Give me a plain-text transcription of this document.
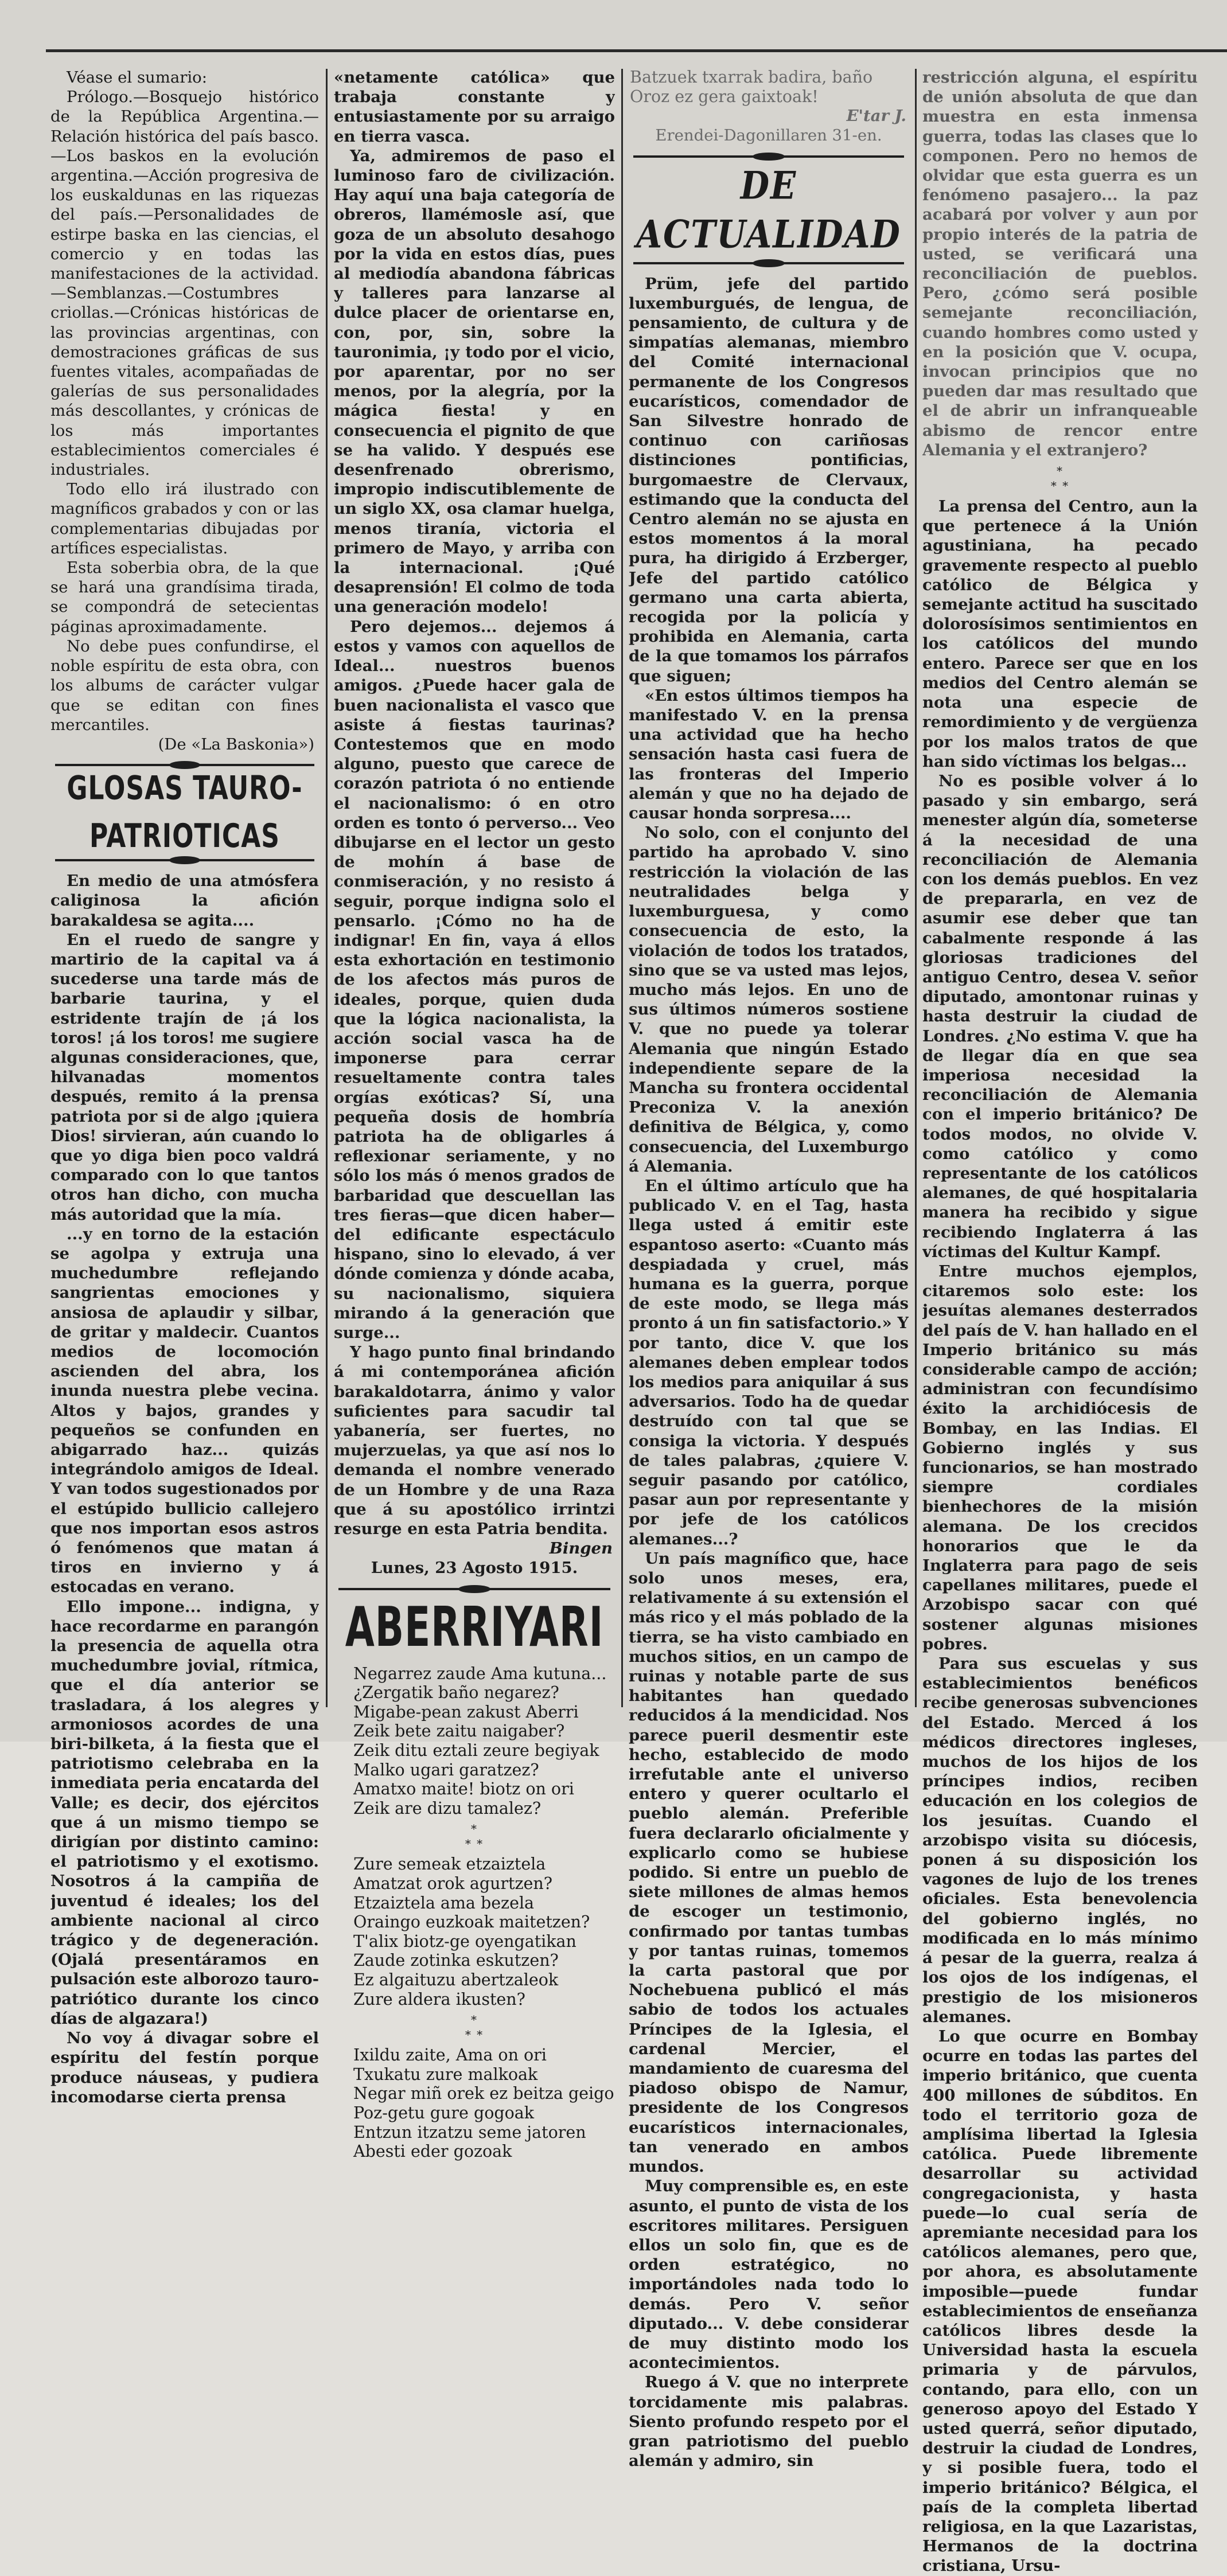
Véase el sumario:

Prólogo.—Bosquejo histórico de la República Argentina.—Relación histórica del país basco.—Los baskos en la evolución argentina.—Acción progresiva de los euskaldunas en las riquezas del país.—Personalidades de estirpe baska en las ciencias, el comercio y en todas las manifestaciones de la actividad.—Semblanzas.—Costumbres criollas.—Crónicas históricas de las provincias argentinas, con demostraciones gráficas de sus fuentes vitales, acompañadas de galerías de sus personalidades más descollantes, y crónicas de los más importantes establecimientos comerciales é industriales.

Todo ello irá ilustrado con magníficos grabados y con or las complementarias dibujadas por artífices especialistas.

Esta soberbia obra, de la que se hará una grandísima tirada, se compondrá de setecientas páginas aproximadamente.

No debe pues confundirse, el noble espíritu de esta obra, con los albums de carácter vulgar que se editan con fines mercantiles.

(De «La Baskonia»)

GLOSAS TAURO-PATRIOTICAS

En medio de una atmósfera caliginosa la afición barakaldesa se agita....

En el ruedo de sangre y martirio de la capital va á sucederse una tarde más de barbarie taurina, y el estridente trajín de ¡á los toros! ¡á los toros! me sugiere algunas consideraciones, que, hilvanadas momentos después, remito á la prensa patriota por si de algo ¡quiera Dios! sirvieran, aún cuando lo que yo diga bien poco valdrá comparado con lo que tantos otros han dicho, con mucha más autoridad que la mía.

...y en torno de la estación se agolpa y extruja una muchedumbre reflejando sangrientas emociones y ansiosa de aplaudir y silbar, de gritar y maldecir. Cuantos medios de locomoción ascienden del abra, los inunda nuestra plebe vecina. Altos y bajos, grandes y pequeños se confunden en abigarrado haz... quizás integrándolo amigos de Ideal. Y van todos sugestionados por el estúpido bullicio callejero que nos importan esos astros ó fenómenos que matan á tiros en invierno y á estocadas en verano.

Ello impone... indigna, y hace recordarme en parangón la presencia de aquella otra muchedumbre jovial, rítmica, que el día anterior se trasladara, á los alegres y armoniosos acordes de una biri-bilketa, á la fiesta que el patriotismo celebraba en la inmediata peria encatarda del Valle; es decir, dos ejércitos que á un mismo tiempo se dirigían por distinto camino: el patriotismo y el exotismo. Nosotros á la campiña de juventud é ideales; los del ambiente nacional al circo trágico y de degeneración. (Ojalá presentáramos en pulsación este alborozo tauro-patriótico durante los cinco días de algazara!)

No voy á divagar sobre el espíritu del festín porque produce náuseas, y pudiera incomodarse cierta prensa

«netamente católica» que trabaja constante y entusiastamente por su arraigo en tierra vasca.

Ya, admiremos de paso el luminoso faro de civilización. Hay aquí una baja categoría de obreros, llamémosle así, que goza de un absoluto desahogo por la vida en estos días, pues al mediodía abandona fábricas y talleres para lanzarse al dulce placer de orientarse en, con, por, sin, sobre la tauronimia, ¡y todo por el vicio, por aparentar, por no ser menos, por la alegría, por la mágica fiesta! y en consecuencia el pignito de que se ha valido. Y después ese desenfrenado obrerismo, impropio indiscutiblemente de un siglo XX, osa clamar huelga, menos tiranía, victoria el primero de Mayo, y arriba con la internacional. ¡Qué desaprensión! El colmo de toda una generación modelo!

Pero dejemos... dejemos á estos y vamos con aquellos de Ideal... nuestros buenos amigos. ¿Puede hacer gala de buen nacionalista el vasco que asiste á fiestas taurinas? Contestemos que en modo alguno, puesto que carece de corazón patriota ó no entiende el nacionalismo: ó en otro orden es tonto ó perverso... Veo dibujarse en el lector un gesto de mohín á base de conmiseración, y no resisto á seguir, porque indigna solo el pensarlo. ¡Cómo no ha de indignar! En fin, vaya á ellos esta exhortación en testimonio de los afectos más puros de ideales, porque, quien duda que la lógica nacionalista, la acción social vasca ha de imponerse para cerrar resueltamente contra tales orgías exóticas? Sí, una pequeña dosis de hombría patriota ha de obligarles á reflexionar seriamente, y no sólo los más ó menos grados de barbaridad que descuellan las tres fieras—que dicen haber—del edificante espectáculo hispano, sino lo elevado, á ver dónde comienza y dónde acaba, su nacionalismo, siquiera mirando á la generación que surge...

Y hago punto final brindando á mi contemporánea afición barakaldotarra, ánimo y valor suficientes para sacudir tal yabanería, ser fuertes, no mujerzuelas, ya que así nos lo demanda el nombre venerado de un Hombre y de una Raza que á su apostólico irrintzi resurge en esta Patria bendita.

Bingen
Lunes, 23 Agosto 1915.
ABERRIYARI
Negarrez zaude Ama kutuna...
¿Zergatik baño negarez?
Migabe-pean zakust Aberri
Zeik bete zaitu naigaber?
Zeik ditu eztali zeure begiyak
Malko ugari garatzez?
Amatxo maite! biotz on ori
Zeik are dizu tamalez?
*
* *
Zure semeak etzaiztela
Amatzat orok agurtzen?
Etzaiztela ama bezela
Oraingo euzkoak maitetzen?
T'alix biotz-ge oyengatikan
Zaude zotinka eskutzen?
Ez algaituzu abertzaleok
Zure aldera ikusten?
*
* *
Ixildu zaite, Ama on ori
Txukatu zure malkoak
Negar miñ orek ez beitza geigo
Poz-getu gure gogoak
Entzun itzatzu seme jatoren
Abesti eder gozoak
Batzuek txarrak badira, baño
Oroz ez gera gaixtoak!
E'tar J.

Erendei-Dagonillaren 31-en.

DE ACTUALIDAD

Prüm, jefe del partido luxemburgués, de lengua, de pensamiento, de cultura y de simpatías alemanas, miembro del Comité internacional permanente de los Congresos eucarísticos, comendador de San Silvestre honrado de continuo con cariñosas distinciones pontificias, burgomaestre de Clervaux, estimando que la conducta del Centro alemán no se ajusta en estos momentos á la moral pura, ha dirigido á Erzberger, Jefe del partido católico germano una carta abierta, recogida por la policía y prohibida en Alemania, carta de la que tomamos los párrafos que siguen;

«En estos últimos tiempos ha manifestado V. en la prensa una actividad que ha hecho sensación hasta casi fuera de las fronteras del Imperio alemán y que no ha dejado de causar honda sorpresa....

No solo, con el conjunto del partido ha aprobado V. sino restricción la violación de las neutralidades belga y luxemburguesa, y como consecuencia de esto, la violación de todos los tratados, sino que se va usted mas lejos, mucho más lejos. En uno de sus últimos números sostiene V. que no puede ya tolerar Alemania que ningún Estado independiente separe de la Mancha su frontera occidental Preconiza V. la anexión definitiva de Bélgica, y, como consecuencia, del Luxemburgo á Alemania.

En el último artículo que ha publicado V. en el Tag, hasta llega usted á emitir este espantoso aserto: «Cuanto más despiadada y cruel, más humana es la guerra, porque de este modo, se llega más pronto á un fin satisfactorio.» Y por tanto, dice V. que los alemanes deben emplear todos los medios para aniquilar á sus adversarios. Todo ha de quedar destruído con tal que se consiga la victoria. Y después de tales palabras, ¿quiere V. seguir pasando por católico, pasar aun por representante y por jefe de los católicos alemanes...?

Un país magnífico que, hace solo unos meses, era, relativamente á su extensión el más rico y el más poblado de la tierra, se ha visto cambiado en muchos sitios, en un campo de ruinas y notable parte de sus habitantes han quedado reducidos á la mendicidad. Nos parece pueril desmentir este hecho, establecido de modo irrefutable ante el universo entero y querer ocultarlo el pueblo alemán. Preferible fuera declararlo oficialmente y explicarlo como se hubiese podido. Si entre un pueblo de siete millones de almas hemos de escoger un testimonio, confirmado por tantas tumbas y por tantas ruinas, tomemos la carta pastoral que por Nochebuena publicó el más sabio de todos los actuales Príncipes de la Iglesia, el cardenal Mercier, el mandamiento de cuaresma del piadoso obispo de Namur, presidente de los Congresos eucarísticos internacionales, tan venerado en ambos mundos.

Muy comprensible es, en este asunto, el punto de vista de los escritores militares. Persiguen ellos un solo fin, que es de orden estratégico, no importándoles nada todo lo demás. Pero V. señor diputado... V. debe considerar de muy distinto modo los acontecimientos.

Ruego á V. que no interprete torcidamente mis palabras. Siento profundo respeto por el gran patriotismo del pueblo alemán y admiro, sin

restricción alguna, el espíritu de unión absoluta de que dan muestra en esta inmensa guerra, todas las clases que lo componen. Pero no hemos de olvidar que esta guerra es un fenómeno pasajero... la paz acabará por volver y aun por propio interés de la patria de usted, se verificará una reconciliación de pueblos. Pero, ¿cómo será posible semejante reconciliación, cuando hombres como usted y en la posición que V. ocupa, invocan principios que no pueden dar mas resultado que el de abrir un infranqueable abismo de rencor entre Alemania y el extranjero?

*
* *

La prensa del Centro, aun la que pertenece á la Unión agustiniana, ha pecado gravemente respecto al pueblo católico de Bélgica y semejante actitud ha suscitado dolorosísimos sentimientos en los católicos del mundo entero. Parece ser que en los medios del Centro alemán se nota una especie de remordimiento y de vergüenza por los malos tratos de que han sido víctimas los belgas...

No es posible volver á lo pasado y sin embargo, será menester algún día, someterse á la necesidad de una reconciliación de Alemania con los demás pueblos. En vez de prepararla, en vez de asumir ese deber que tan cabalmente responde á las gloriosas tradiciones del antiguo Centro, desea V. señor diputado, amontonar ruinas y hasta destruir la ciudad de Londres. ¿No estima V. que ha de llegar día en que sea imperiosa necesidad la reconciliación de Alemania con el imperio británico? De todos modos, no olvide V. como católico y como representante de los católicos alemanes, de qué hospitalaria manera ha recibido y sigue recibiendo Inglaterra á las víctimas del Kultur Kampf.

Entre muchos ejemplos, citaremos solo este: los jesuítas alemanes desterrados del país de V. han hallado en el Imperio británico su más considerable campo de acción; administran con fecundísimo éxito la archidiócesis de Bombay, en las Indias. El Gobierno inglés y sus funcionarios, se han mostrado siempre cordiales bienhechores de la misión alemana. De los crecidos honorarios que le da Inglaterra para pago de seis capellanes militares, puede el Arzobispo sacar con qué sostener algunas misiones pobres.

Para sus escuelas y sus establecimientos benéficos recibe generosas subvenciones del Estado. Merced á los médicos directores ingleses, muchos de los hijos de los príncipes indios, reciben educación en los colegios de los jesuítas. Cuando el arzobispo visita su diócesis, ponen á su disposición los vagones de lujo de los trenes oficiales. Esta benevolencia del gobierno inglés, no modificada en lo más mínimo á pesar de la guerra, realza á los ojos de los indígenas, el prestigio de los misioneros alemanes.

Lo que ocurre en Bombay ocurre en todas las partes del imperio británico, que cuenta 400 millones de súbditos. En todo el territorio goza de amplísima libertad la Iglesia católica. Puede libremente desarrollar su actividad congregacionista, y hasta puede—lo cual sería de apremiante necesidad para los católicos alemanes, pero que, por ahora, es absolutamente imposible—puede fundar establecimientos de enseñanza católicos libres desde la Universidad hasta la escuela primaria y de párvulos, contando, para ello, con un generoso apoyo del Estado Y usted querrá, señor diputado, destruir la ciudad de Londres, y si posible fuera, todo el imperio británico? Bélgica, el país de la completa libertad religiosa, en la que Lazaristas, Hermanos de la doctrina cristiana, Ursu-
